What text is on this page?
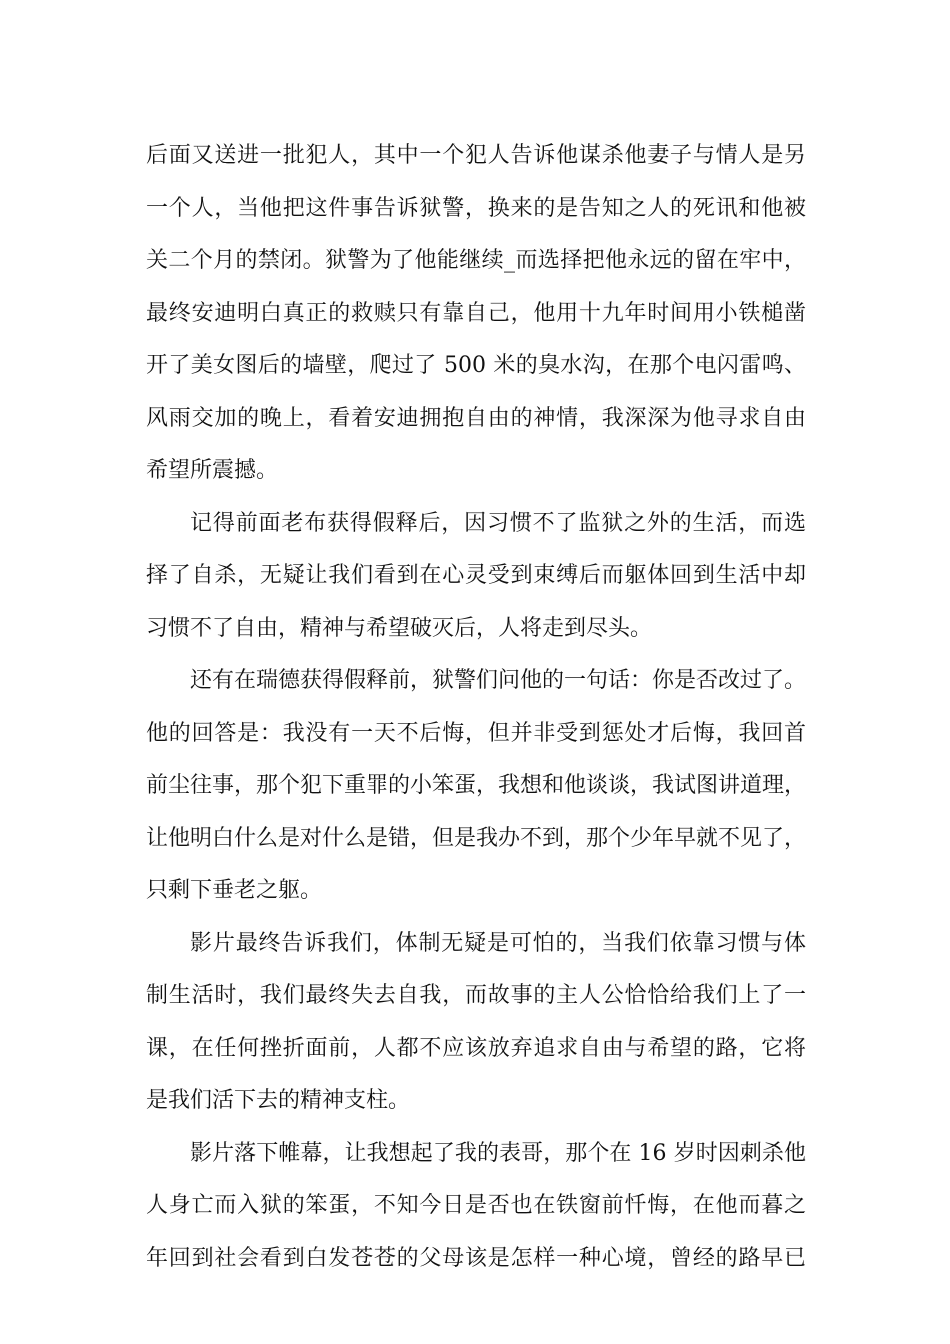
后面又送进一批犯人，其中一个犯人告诉他谋杀他妻子与情人是另
一个人，当他把这件事告诉狱警，换来的是告知之人的死讯和他被
关二个月的禁闭。狱警为了他能继续_而选择把他永远的留在牢中，
最终安迪明白真正的救赎只有靠自己，他用十九年时间用小铁槌凿
开了美女图后的墙壁，爬过了 500 米的臭水沟，在那个电闪雷鸣、
风雨交加的晚上，看着安迪拥抱自由的神情，我深深为他寻求自由
希望所震撼。
记得前面老布获得假释后，因习惯不了监狱之外的生活，而选
择了自杀，无疑让我们看到在心灵受到束缚后而躯体回到生活中却
习惯不了自由，精神与希望破灭后，人将走到尽头。
还有在瑞德获得假释前，狱警们问他的一句话：你是否改过了。
他的回答是：我没有一天不后悔，但并非受到惩处才后悔，我回首
前尘往事，那个犯下重罪的小笨蛋，我想和他谈谈，我试图讲道理，
让他明白什么是对什么是错，但是我办不到，那个少年早就不见了，
只剩下垂老之躯。
影片最终告诉我们，体制无疑是可怕的，当我们依靠习惯与体
制生活时，我们最终失去自我，而故事的主人公恰恰给我们上了一
课，在任何挫折面前，人都不应该放弃追求自由与希望的路，它将
是我们活下去的精神支柱。
影片落下帷幕，让我想起了我的表哥，那个在 16 岁时因刺杀他
人身亡而入狱的笨蛋，不知今日是否也在铁窗前忏悔，在他而暮之
年回到社会看到白发苍苍的父母该是怎样一种心境，曾经的路早已
